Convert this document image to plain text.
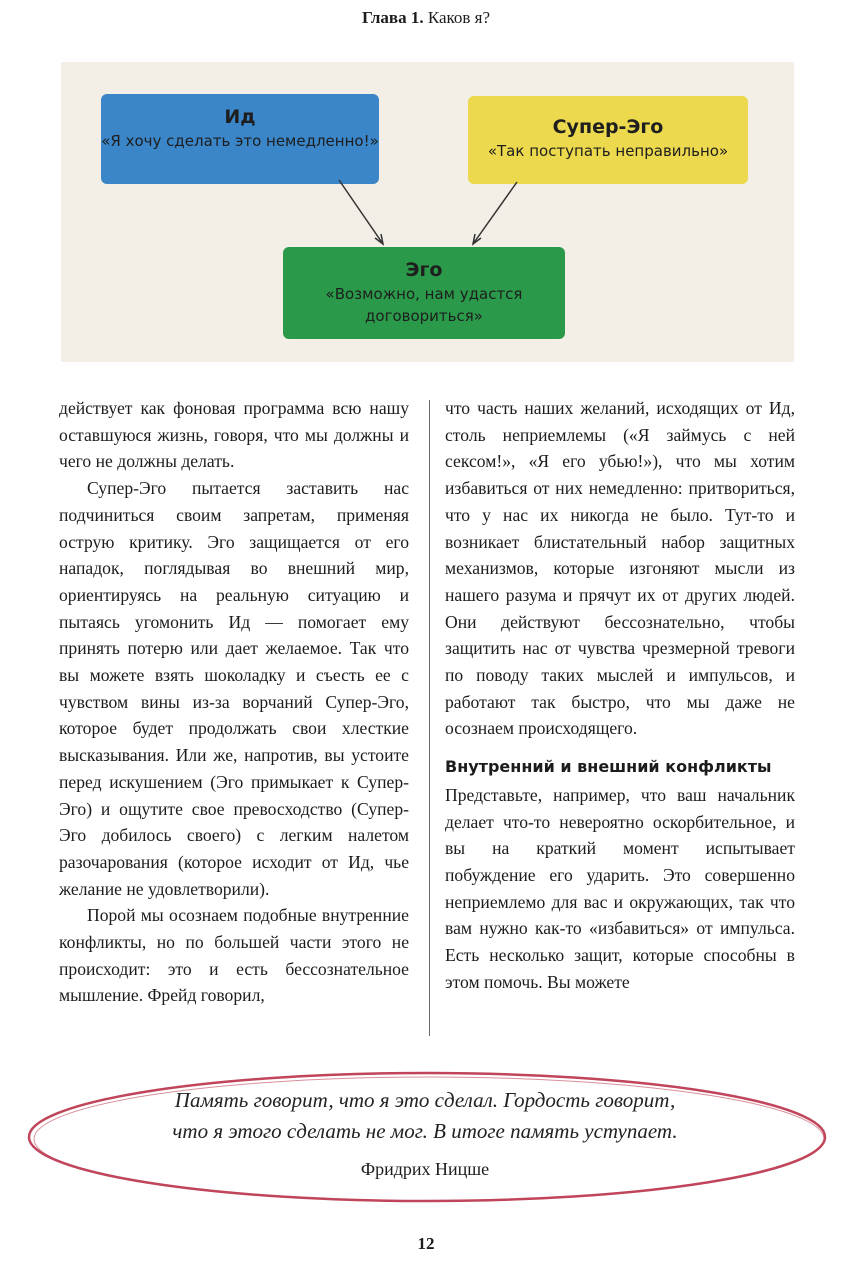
Глава 1. Каков я?
Ид
«Я хочу сделать это немедленно!»
Супер-Эго
«Так поступать неправильно»
Эго
«Возможно, нам удастся договориться»

действует как фоновая программа всю нашу оставшуюся жизнь, говоря, что мы должны и чего не должны делать.

Супер-Эго пытается заставить нас подчиниться своим запретам, применяя острую критику. Эго защищается от его нападок, поглядывая во внешний мир, ориентируясь на реальную ситуацию и пытаясь угомонить Ид — помогает ему принять потерю или дает желаемое. Так что вы можете взять шоколадку и съесть ее с чувством вины из-за ворчаний Супер-Эго, которое будет продолжать свои хлесткие высказывания. Или же, напротив, вы устоите перед искушением (Эго примыкает к Супер-Эго) и ощутите свое превосходство (Супер-Эго добилось своего) с легким налетом разочарования (которое исходит от Ид, чье желание не удовлетворили).

Порой мы осознаем подобные внутренние конфликты, но по большей части этого не происходит: это и есть бессознательное мышление. Фрейд говорил,

что часть наших желаний, исходящих от Ид, столь неприемлемы («Я займусь с ней сексом!», «Я его убью!»), что мы хотим избавиться от них немедленно: притвориться, что у нас их никогда не было. Тут-то и возникает блистательный набор защитных механизмов, которые изгоняют мысли из нашего разума и прячут их от других людей. Они действуют бессознательно, чтобы защитить нас от чувства чрезмерной тревоги по поводу таких мыслей и импульсов, и работают так быстро, что мы даже не осознаем происходящего.

Внутренний и внешний конфликты

Представьте, например, что ваш начальник делает что-то невероятно оскорбительное, и вы на краткий момент испытывает побуждение его ударить. Это совершенно неприемлемо для вас и окружающих, так что вам нужно как-то «избавиться» от импульса. Есть несколько защит, которые способны в этом помочь. Вы можете

Память говорит, что я это сделал. Гордость говорит,
что я этого сделать не мог. В итоге память уступает.
Фридрих Ницше
12
